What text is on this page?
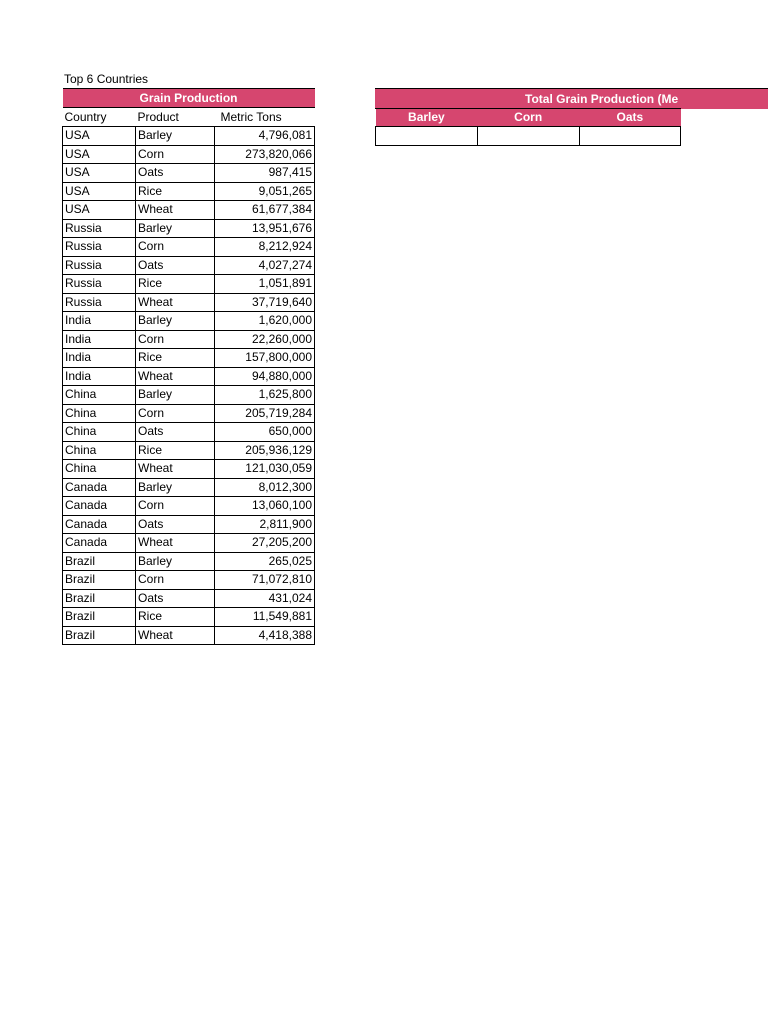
Top 6 Countries
Grain Production		
Country	Product	Metric Tons
USA	Barley	4,796,081
USA	Corn	273,820,066
USA	Oats	987,415
USA	Rice	9,051,265
USA	Wheat	61,677,384
Russia	Barley	13,951,676
Russia	Corn	8,212,924
Russia	Oats	4,027,274
Russia	Rice	1,051,891
Russia	Wheat	37,719,640
India	Barley	1,620,000
India	Corn	22,260,000
India	Rice	157,800,000
India	Wheat	94,880,000
China	Barley	1,625,800
China	Corn	205,719,284
China	Oats	650,000
China	Rice	205,936,129
China	Wheat	121,030,059
Canada	Barley	8,012,300
Canada	Corn	13,060,100
Canada	Oats	2,811,900
Canada	Wheat	27,205,200
Brazil	Barley	265,025
Brazil	Corn	71,072,810
Brazil	Oats	431,024
Brazil	Rice	11,549,881
Brazil	Wheat	4,418,388
Total Grain Production (Me
Barley	Corn	Oats	
